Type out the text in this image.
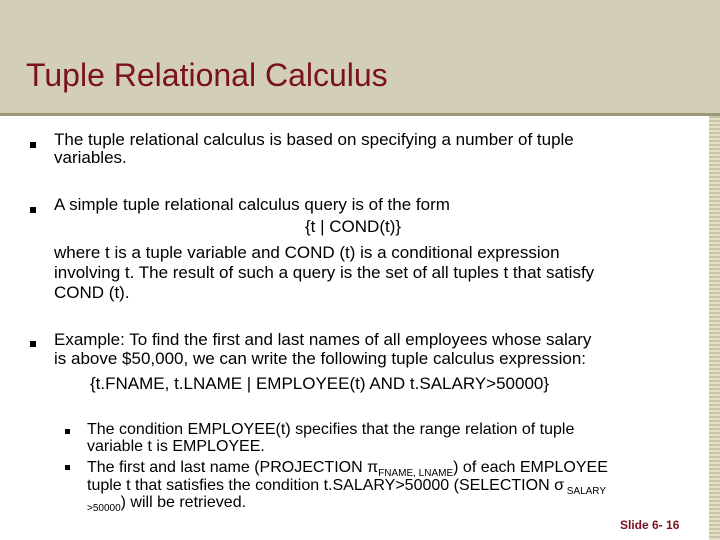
Tuple Relational Calculus
The tuple relational calculus is based on specifying a number of tuple
variables.
A simple tuple relational calculus query is of the form
{t | COND(t)}
where t is a tuple variable and COND (t) is a conditional expression
involving t. The result of such a query is the set of all tuples t that satisfy
COND (t).
Example: To find the first and last names of all employees whose salary
is above $50,000, we can write the following tuple calculus expression:
{t.FNAME, t.LNAME | EMPLOYEE(t) AND t.SALARY>50000}
The condition EMPLOYEE(t) specifies that the range relation of tuple
variable t is EMPLOYEE.
The first and last name (PROJECTION $\pi_{FNAME, LNAME}$) of each EMPLOYEE
tuple t that satisfies the condition t.SALARY>50000 (SELECTION σ $_{SALARY}$
$_{>50000}$) will be retrieved.
Slide 6- 16
